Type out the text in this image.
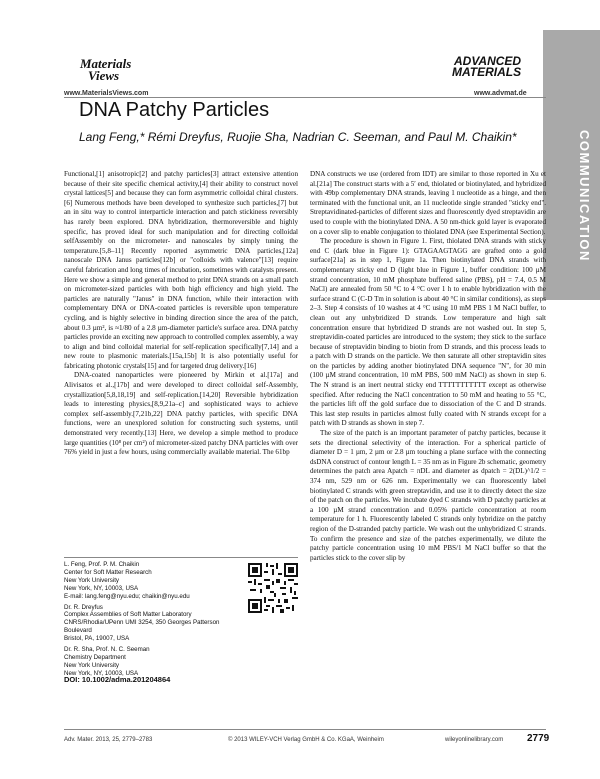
COMMUNICATION
Materials
Views
ADVANCED
MATERIALS
www.MaterialsViews.com	www.advmat.de
DNA Patchy Particles
Lang Feng,* Rémi Dreyfus, Ruojie Sha, Nadrian C. Seeman, and Paul M. Chaikin*

Functional,[1] anisotropic[2] and patchy particles[3] attract extensive attention because of their site specific chemical activity,[4] their ability to construct novel crystal lattices[5] and because they can form asymmetric colloidal chiral clusters.[6] Numerous methods have been developed to synthesize such particles,[7] but an in situ way to control interparticle interaction and patch stickiness reversibly has rarely been explored. DNA hybridization, thermoreversible and highly specific, has proved ideal for such manipulation and for directing colloidal selfAssembly on the micrometer- and nanoscales by simply tuning the temperature.[5,8–11] Recently reported asymmetric DNA particles,[12a] nanoscale DNA Janus particles[12b] or "colloids with valence"[13] require careful fabrication and long times of incubation, sometimes with catalysts present. Here we show a simple and general method to print DNA strands on a small patch on micrometer-sized particles with both high efficiency and high yield. The particles are naturally "Janus" in DNA function, while their interaction with complementary DNA or DNA-coated particles is reversible upon temperature cycling, and is highly selective in binding direction since the area of the patch, about 0.3 µm², is ≈1/80 of a 2.8 µm-diameter particle's surface area. DNA patchy particles provide an exciting new approach to controlled complex assembly, a way to align and bind colloidal material for self-replication specifically[7,14] and a new route to plasmonic materials.[15a,15b] It is also potentially useful for fabricating photonic crystals[15] and for targeted drug delivery.[16]

DNA-coated nanoparticles were pioneered by Mirkin et al.[17a] and Alivisatos et al.,[17b] and were developed to direct colloidal self-Assembly, crystallization[5,8,18,19] and self-replication.[14,20] Reversible hybridization leads to interesting physics,[8,9,21a–c] and sophisticated ways to achieve complex self-assembly.[7,21b,22] DNA patchy particles, with specific DNA functions, were an unexplored solution for constructing such systems, until demonstrated very recently.[13] Here, we develop a simple method to produce large quantities (10⁸ per cm²) of micrometer-sized patchy DNA particles with over 76% yield in just a few hours, using commercially available material. The 61bp

DNA constructs we use (ordered from IDT) are similar to those reported in Xu et al.[21a] The construct starts with a 5′ end, thiolated or biotinylated, and hybridized with 49bp complementary DNA strands, leaving 1 nucleotide as a hinge, and then terminated with the functional unit, an 11 nucleotide single stranded "sticky end". Streptavidinated-particles of different sizes and fluorescently dyed streptavidin are used to couple with the biotinylated DNA. A 50 nm-thick gold layer is evaporated on a cover slip to enable conjugation to thiolated DNA (see Experimental Section).

The procedure is shown in Figure 1. First, thiolated DNA strands with sticky end C (dark blue in Figure 1): GTAGAAGTAGG are grafted onto a gold surface[21a] as in step 1, Figure 1a. Then biotinylated DNA strands with complementary sticky end D (light blue in Figure 1, buffer condition: 100 µM strand concentration, 10 mM phosphate buffered saline (PBS), pH = 7.4, 0.5 M NaCl) are annealed from 50 °C to 4 °C over 1 h to enable hybridization with the surface strand C (C-D Tm in solution is about 40 °C in similar conditions), as steps 2–3. Step 4 consists of 10 washes at 4 °C using 10 mM PBS 1 M NaCl buffer, to clean out any unhybridized D strands. Low temperature and high salt concentration ensure that hybridized D strands are not washed out. In step 5, streptavidin-coated particles are introduced to the system; they stick to the surface because of streptavidin binding to biotin from D strands, and this process leads to a patch with D strands on the particle. We then saturate all other streptavidin sites on the particles by adding another biotinylated DNA sequence "N", for 30 min (100 µM strand concentration, 10 mM PBS, 500 mM NaCl) as shown in step 6. The N strand is an inert neutral sticky end TTTTTTTTTTT except as otherwise specified. After reducing the NaCl concentration to 50 mM and heating to 55 °C, the particles lift off the gold surface due to dissociation of the C and D strands. This last step results in particles almost fully coated with N strands except for a patch with D strands as shown in step 7.

The size of the patch is an important parameter of patchy particles, because it sets the directional selectivity of the interaction. For a spherical particle of diameter D = 1 µm, 2 µm or 2.8 µm touching a plane surface with the connecting dsDNA construct of contour length L = 35 nm as in Figure 2b schematic, geometry determines the patch area Apatch = πDL and diameter as dpatch = 2(DL)^1/2 = 374 nm, 529 nm or 626 nm. Experimentally we can fluorescently label biotinylated C strands with green streptavidin, and use it to directly detect the size of the patch on the particles. We incubate dyed C strands with D patchy particles at a 100 µM strand concentration and 0.05% particle concentration at room temperature for 1 h. Fluorescently labeled C strands only hybridize on the patchy region of the D-stranded patchy particle. We wash out the unhybridized C strands. To confirm the presence and size of the patches experimentally, we dilute the patchy particle concentration using 10 mM PBS/1 M NaCl buffer so that the particles stick to the cover slip by

L. Feng, Prof. P. M. Chaikin
Center for Soft Matter Research
New York University
New York, NY, 10003, USA
E-mail: lang.feng@nyu.edu; chaikin@nyu.edu
Dr. R. Dreyfus
Complex Assemblies of Soft Matter Laboratory
CNRS/Rhodia/UPenn UMI 3254, 350 Georges Patterson Boulevard
Bristol, PA, 19007, USA
Dr. R. Sha, Prof. N. C. Seeman
Chemistry Department
New York University
New York, NY, 10003, USA
DOI: 10.1002/adma.201204864
Adv. Mater. 2013, 25, 2779–2783	© 2013 WILEY-VCH Verlag GmbH & Co. KGaA, Weinheim	wileyonlinelibrary.com 2779
